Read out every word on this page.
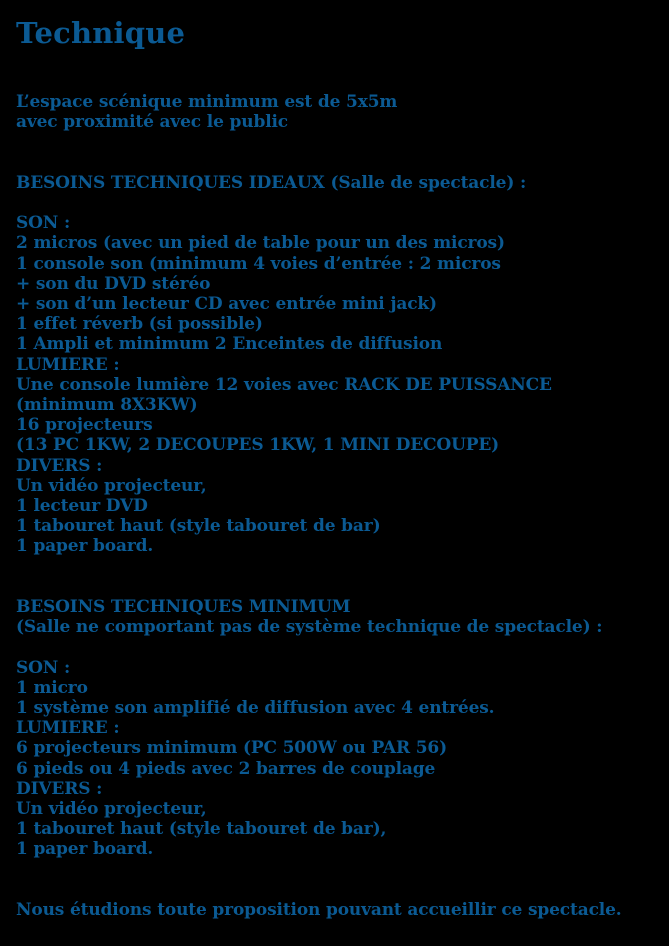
Technique
L’espace scénique minimum est de 5x5m
avec proximité avec le public
BESOINS TECHNIQUES IDEAUX (Salle de spectacle) :
SON :
2 micros (avec un pied de table pour un des micros)
1 console son (minimum 4 voies d’entrée : 2 micros
+ son du DVD stéréo
+ son d’un lecteur CD avec entrée mini jack)
1 effet réverb (si possible)
1 Ampli et minimum 2 Enceintes de diffusion
LUMIERE :
Une console lumière 12 voies avec RACK DE PUISSANCE
(minimum 8X3KW)
16 projecteurs
(13 PC 1KW, 2 DECOUPES 1KW, 1 MINI DECOUPE)
DIVERS :
Un vidéo projecteur,
1 lecteur DVD
1 tabouret haut (style tabouret de bar)
1 paper board.
BESOINS TECHNIQUES MINIMUM
(Salle ne comportant pas de système technique de spectacle) :
SON :
1 micro
1 système son amplifié de diffusion avec 4 entrées.
LUMIERE :
6 projecteurs minimum (PC 500W ou PAR 56)
6 pieds ou 4 pieds avec 2 barres de couplage
DIVERS :
Un vidéo projecteur,
1 tabouret haut (style tabouret de bar),
1 paper board.
Nous étudions toute proposition pouvant accueillir ce spectacle.
